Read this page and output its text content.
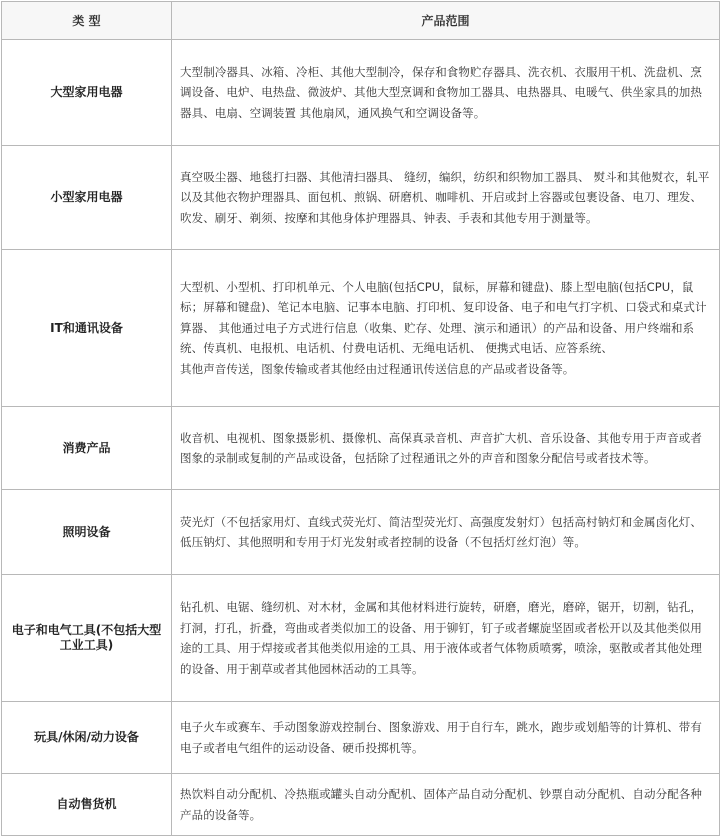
类 型	产品范围
大型家用电器	大型制冷器具、冰箱、冷柜、其他大型制冷，保存和食物贮存器具、洗衣机、衣服用干机、洗盘机、烹调设备、电炉、电热盘、微波炉、其他大型烹调和食物加工器具、电热器具、电暖气、供坐家具的加热器具、电扇、空调装置 其他扇风，通风换气和空调设备等。

小型家用电器	真空吸尘器、地毯打扫器、其他清扫器具、 缝纫，编织，纺织和织物加工器具、 熨斗和其他熨衣，轧平以及其他衣物护理器具、面包机、煎锅、研磨机、咖啡机、开启或封上容器或包裹设备、电刀、理发、吹发、刷牙、剃须、按摩和其他身体护理器具、钟表、手表和其他专用于测量等。

IT和通讯设备	大型机、小型机、打印机单元、个人电脑(包括CPU，鼠标，屏幕和键盘)、膝上型电脑(包括CPU，鼠标；屏幕和键盘)、笔记本电脑、记事本电脑、打印机、复印设备、电子和电气打字机、口袋式和桌式计算器、 其他通过电子方式进行信息（收集、贮存、处理、演示和通讯）的产品和设备、用户终端和系统、传真机、电报机、电话机、付费电话机、无绳电话机、 便携式电话、应答系统、
其他声音传送，图象传输或者其他经由过程通讯传送信息的产品或者设备等。

消费产品	收音机、电视机、图象摄影机、摄像机、高保真录音机、声音扩大机、音乐设备、其他专用于声音或者图象的录制或复制的产品或设备，包括除了过程通讯之外的声音和图象分配信号或者技术等。

照明设备	荧光灯（不包括家用灯、直线式荧光灯、简洁型荧光灯、高强度发射灯）包括高村钠灯和金属卤化灯、低压钠灯、其他照明和专用于灯光发射或者控制的设备（不包括灯丝灯泡）等。

电子和电气工具(不包括大型工业工具)	钻孔机、电锯、缝纫机、对木材，金属和其他材料进行旋转，研磨，磨光，磨碎，锯开，切割，钻孔，打洞，打孔，折叠，弯曲或者类似加工的设备、用于铆钉，钉子或者螺旋坚固或者松开以及其他类似用途的工具、用于焊接或者其他类似用途的工具、用于液体或者气体物质喷雾，喷涂，驱散或者其他处理的设备、用于割草或者其他园林活动的工具等。

玩具/休闲/动力设备	电子火车或赛车、手动图象游戏控制台、图象游戏、用于自行车，跳水，跑步或划船等的计算机、带有电子或者电气组件的运动设备、硬币投掷机等。

自动售货机	热饮料自动分配机、冷热瓶或罐头自动分配机、固体产品自动分配机、钞票自动分配机、自动分配各种产品的设备等。
